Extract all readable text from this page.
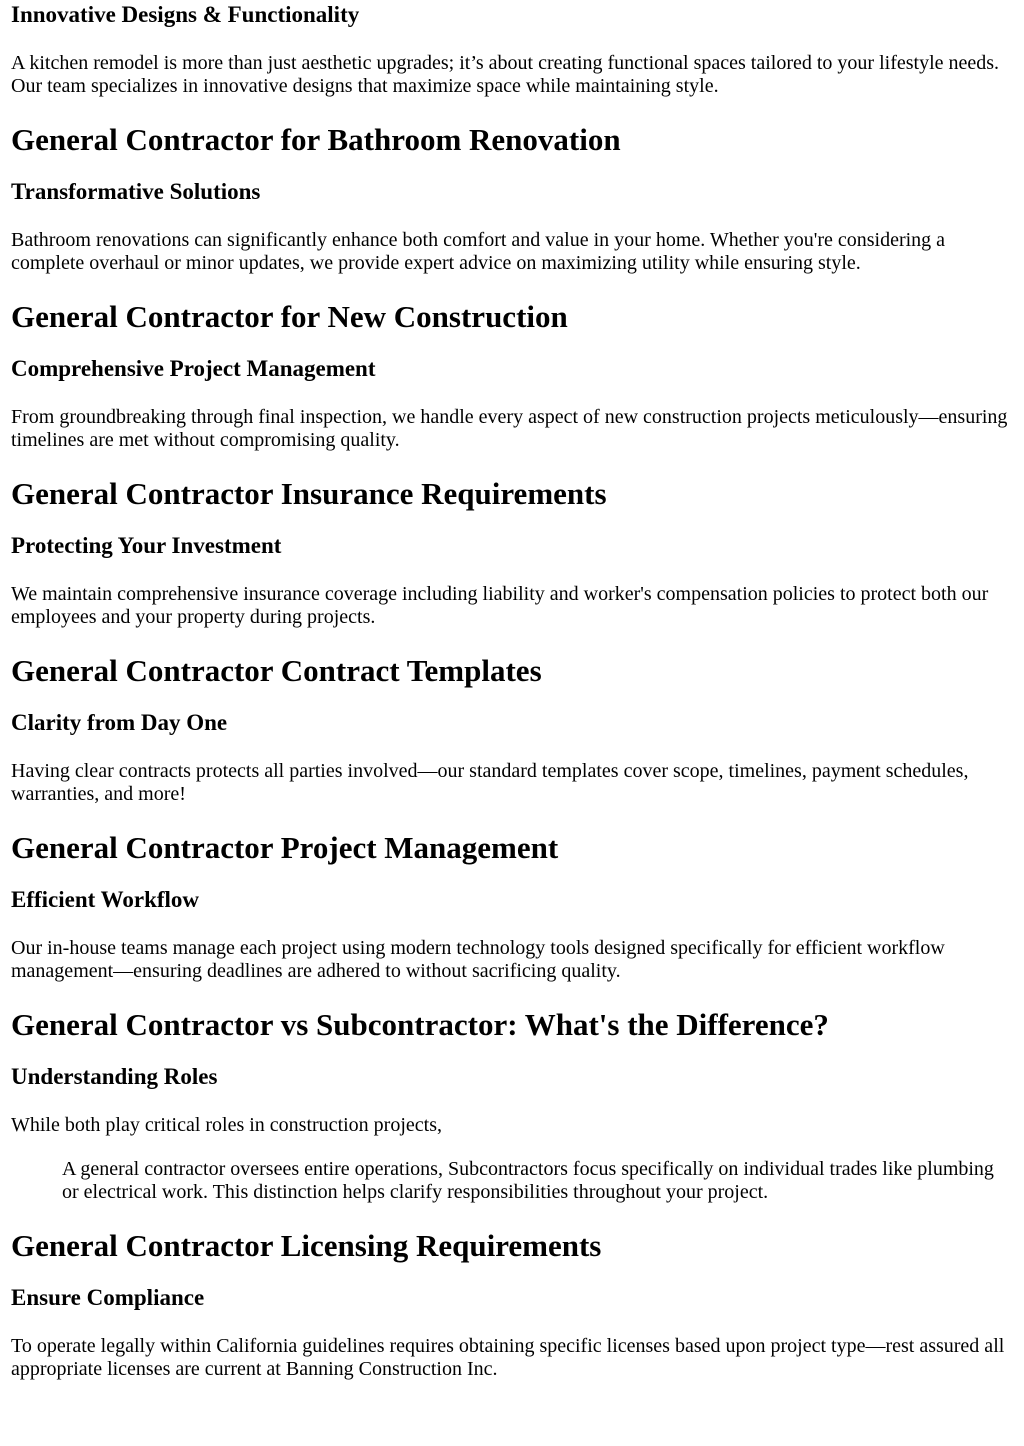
Innovative Designs & Functionality

A kitchen remodel is more than just aesthetic upgrades; it’s about creating functional spaces tailored to your lifestyle needs. Our team specializes in innovative designs that maximize space while maintaining style.

General Contractor for Bathroom Renovation
Transformative Solutions

Bathroom renovations can significantly enhance both comfort and value in your home. Whether you're considering a complete overhaul or minor updates, we provide expert advice on maximizing utility while ensuring style.

General Contractor for New Construction
Comprehensive Project Management

From groundbreaking through final inspection, we handle every aspect of new construction projects meticulously—ensuring timelines are met without compromising quality.

General Contractor Insurance Requirements
Protecting Your Investment

We maintain comprehensive insurance coverage including liability and worker's compensation policies to protect both our employees and your property during projects.

General Contractor Contract Templates
Clarity from Day One

Having clear contracts protects all parties involved—our standard templates cover scope, timelines, payment schedules, warranties, and more!

General Contractor Project Management
Efficient Workflow

Our in-house teams manage each project using modern technology tools designed specifically for efficient workflow management—ensuring deadlines are adhered to without sacrificing quality.

General Contractor vs Subcontractor: What's the Difference?
Understanding Roles

While both play critical roles in construction projects,

A general contractor oversees entire operations, Subcontractors focus specifically on individual trades like plumbing or electrical work. This distinction helps clarify responsibilities throughout your project.
General Contractor Licensing Requirements
Ensure Compliance

To operate legally within California guidelines requires obtaining specific licenses based upon project type—rest assured all appropriate licenses are current at Banning Construction Inc.
